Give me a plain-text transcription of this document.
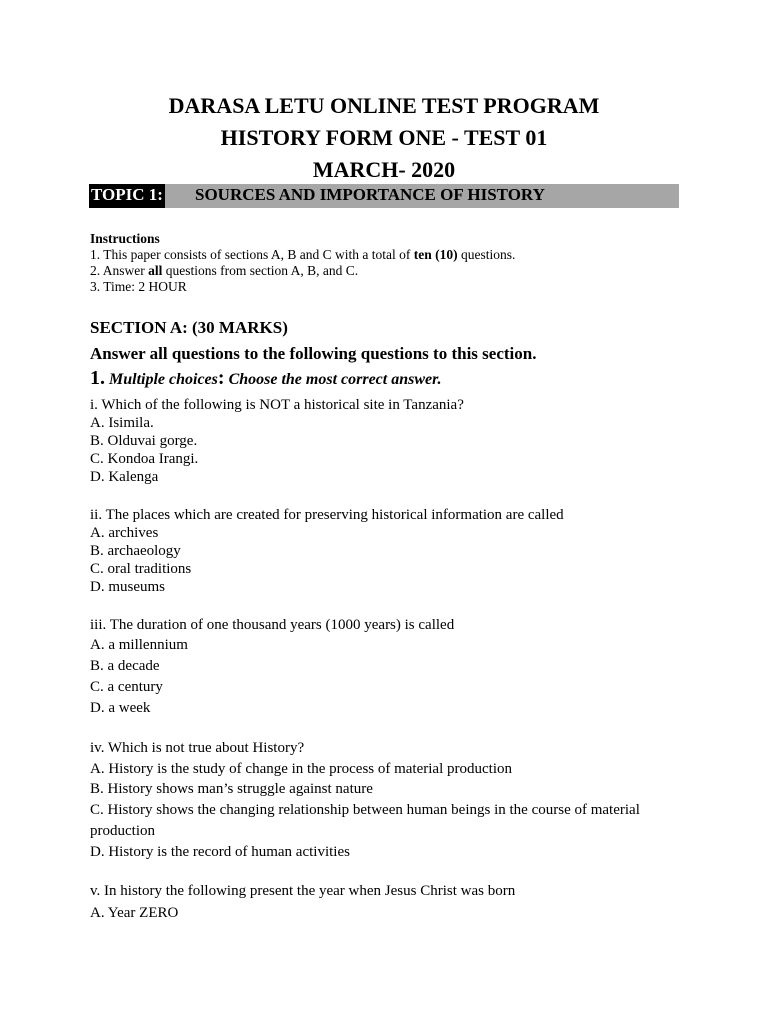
DARASA LETU ONLINE TEST PROGRAM
HISTORY FORM ONE - TEST 01
MARCH- 2020
TOPIC 1: SOURCES AND IMPORTANCE OF HISTORY
Instructions
1. This paper consists of sections A, B and C with a total of ten (10) questions.
2. Answer all questions from section A, B, and C.
3. Time: 2 HOUR
SECTION A: (30 MARKS)
Answer all questions to the following questions to this section.
1. Multiple choices: Choose the most correct answer.
i. Which of the following is NOT a historical site in Tanzania?
A. Isimila.
B. Olduvai gorge.
C. Kondoa Irangi.
D. Kalenga
ii. The places which are created for preserving historical information are called
A. archives
B. archaeology
C. oral traditions
D. museums
iii. The duration of one thousand years (1000 years) is called
A. a millennium
B. a decade
C. a century
D. a week
iv. Which is not true about History?
A. History is the study of change in the process of material production
B. History shows man’s struggle against nature
C. History shows the changing relationship between human beings in the course of material
production
D. History is the record of human activities
v. In history the following present the year when Jesus Christ was born
A. Year ZERO
